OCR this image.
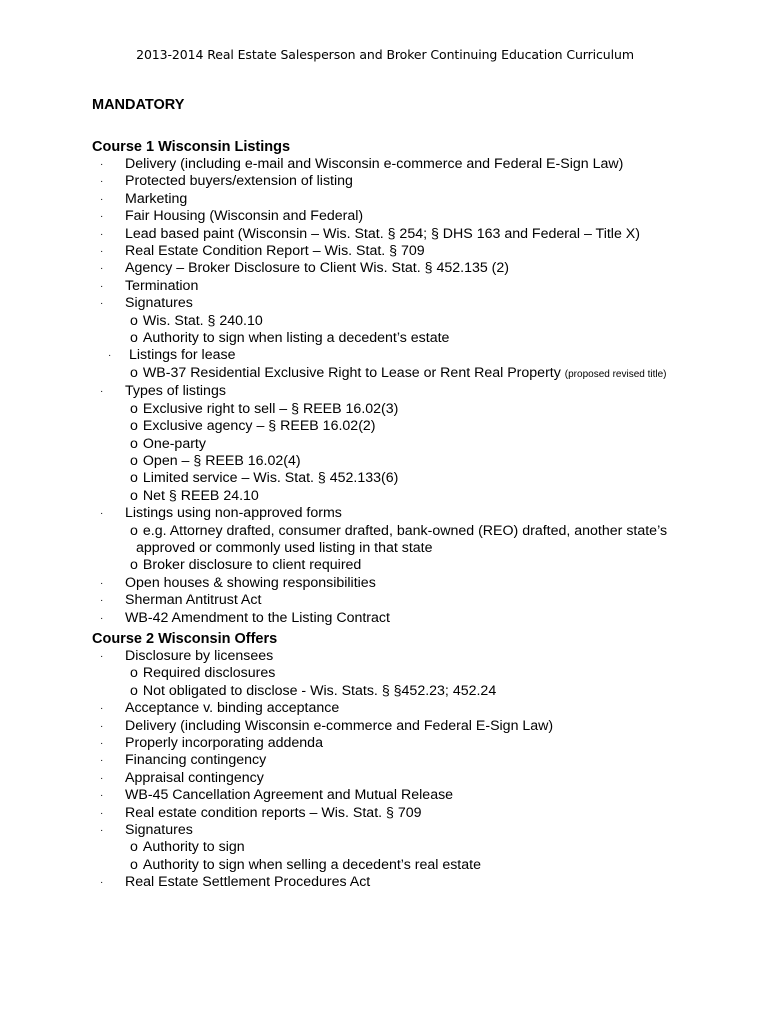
2013-2014 Real Estate Salesperson and Broker Continuing Education Curriculum
MANDATORY
Course 1 Wisconsin Listings
·	Delivery (including e-mail and Wisconsin e-commerce and Federal E-Sign Law)
·	Protected buyers/extension of listing
·	Marketing
·	Fair Housing (Wisconsin and Federal)
·	Lead based paint (Wisconsin – Wis. Stat. § 254; § DHS 163 and Federal – Title X)
·	Real Estate Condition Report – Wis. Stat. § 709
·	Agency – Broker Disclosure to Client Wis. Stat. § 452.135 (2)
·	Termination
·	Signatures
o Wis. Stat. § 240.10
o Authority to sign when listing a decedent’s estate
·	Listings for lease
o WB-37 Residential Exclusive Right to Lease or Rent Real Property (proposed revised title)
·	Types of listings
o Exclusive right to sell – § REEB 16.02(3)
o Exclusive agency – § REEB 16.02(2)
o One-party
o Open – § REEB 16.02(4)
o Limited service – Wis. Stat. § 452.133(6)
o Net § REEB 24.10
·	Listings using non-approved forms
o e.g. Attorney drafted, consumer drafted, bank-owned (REO) drafted, another state’s
approved or commonly used listing in that state
o Broker disclosure to client required
·	Open houses & showing responsibilities
·	Sherman Antitrust Act
·	WB-42 Amendment to the Listing Contract
Course 2 Wisconsin Offers
·	Disclosure by licensees
o Required disclosures
o Not obligated to disclose - Wis. Stats. § §452.23; 452.24
·	Acceptance v. binding acceptance
·	Delivery (including Wisconsin e-commerce and Federal E-Sign Law)
·	Properly incorporating addenda
·	Financing contingency
·	Appraisal contingency
·	WB-45 Cancellation Agreement and Mutual Release
·	Real estate condition reports – Wis. Stat. § 709
·	Signatures
o Authority to sign
o Authority to sign when selling a decedent’s real estate
·	Real Estate Settlement Procedures Act
